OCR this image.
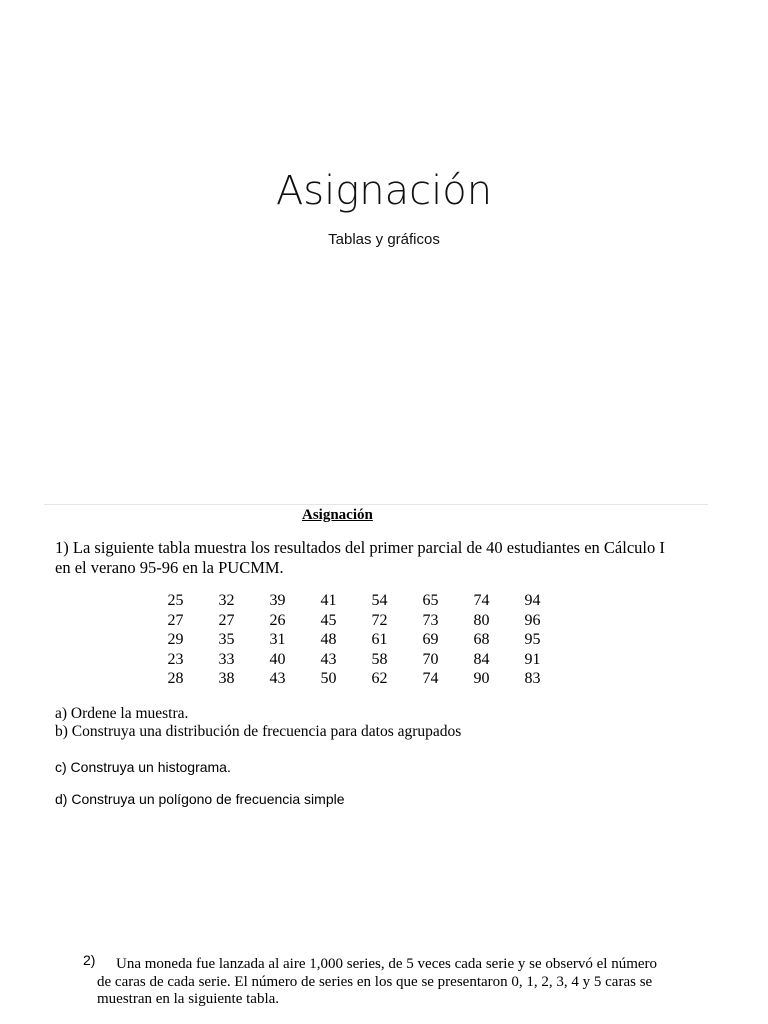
Asignación
Tablas y gráficos
Asignación
1) La siguiente tabla muestra los resultados del primer parcial de 40 estudiantes en Cálculo I
en el verano 95-96 en la PUCMM.
25	32	39	41	54	65	74	94
27	27	26	45	72	73	80	96
29	35	31	48	61	69	68	95
23	33	40	43	58	70	84	91
28	38	43	50	62	74	90	83
a) Ordene la muestra.
b) Construya una distribución de frecuencia para datos agrupados
c) Construya un histograma.
d) Construya un polígono de frecuencia simple
2)	Una moneda fue lanzada al aire 1,000 series, de 5 veces cada serie y se observó el número
de caras de cada serie. El número de series en los que se presentaron 0, 1, 2, 3, 4 y 5 caras se
muestran en la siguiente tabla.
